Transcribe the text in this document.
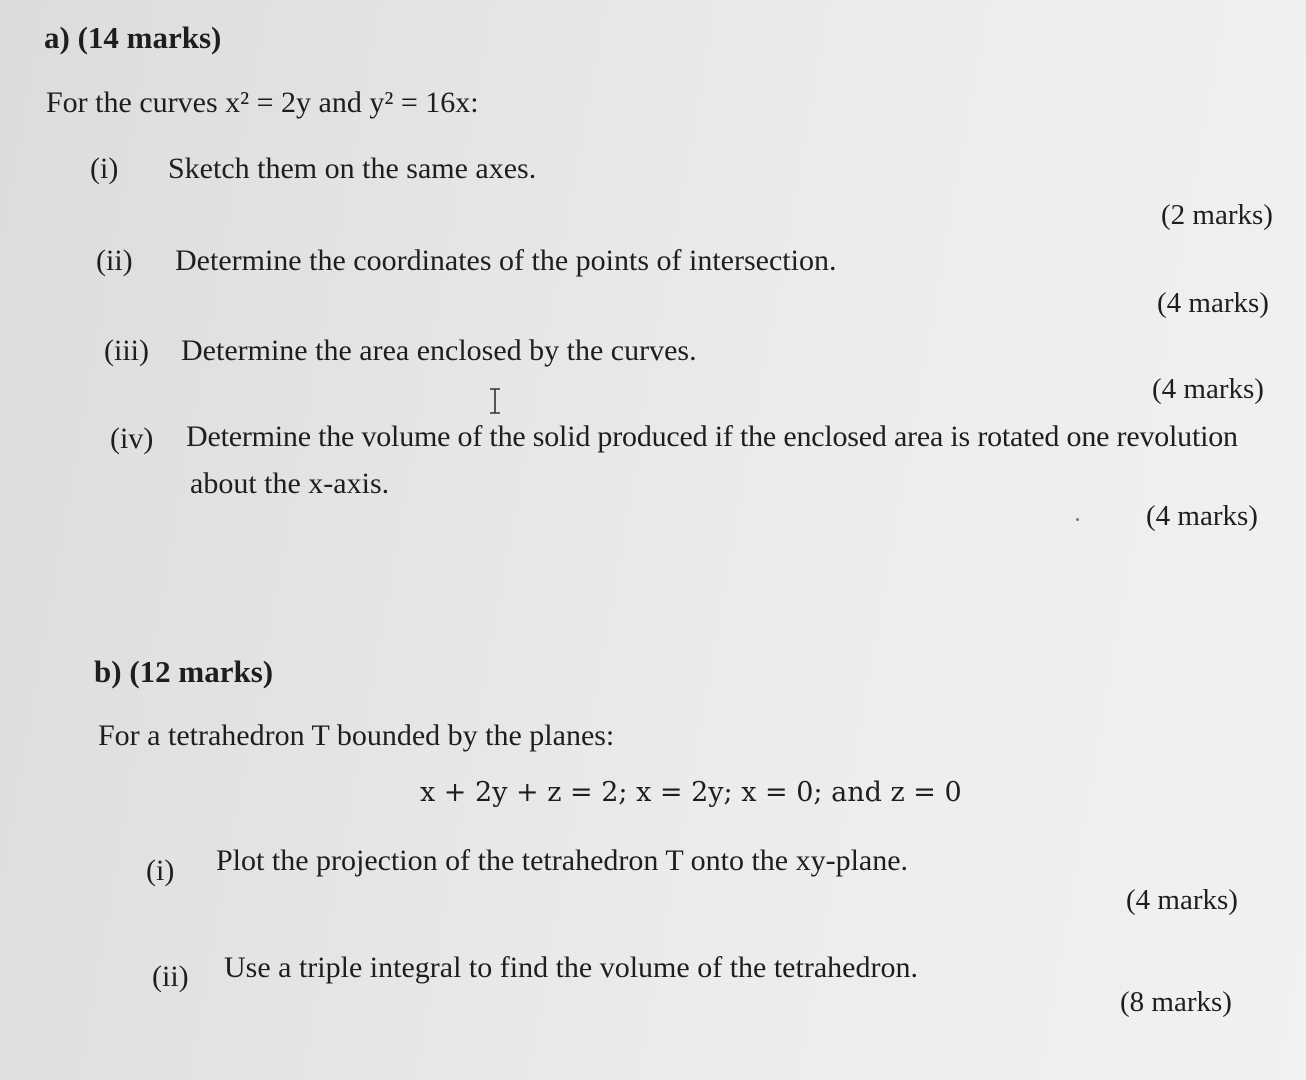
a) (14 marks)
For the curves x² = 2y and y² = 16x:
(i) Sketch them on the same axes.
(2 marks)
(ii) Determine the coordinates of the points of intersection.
(4 marks)
(iii) Determine the area enclosed by the curves.
(4 marks)
(iv) Determine the volume of the solid produced if the enclosed area is rotated one revolution
about the x-axis.
(4 marks)
b) (12 marks)
For a tetrahedron T bounded by the planes:
x + 2y + z = 2; x = 2y; x = 0; and z = 0
(i) Plot the projection of the tetrahedron T onto the xy-plane.
(4 marks)
(ii) Use a triple integral to find the volume of the tetrahedron.
(8 marks)
